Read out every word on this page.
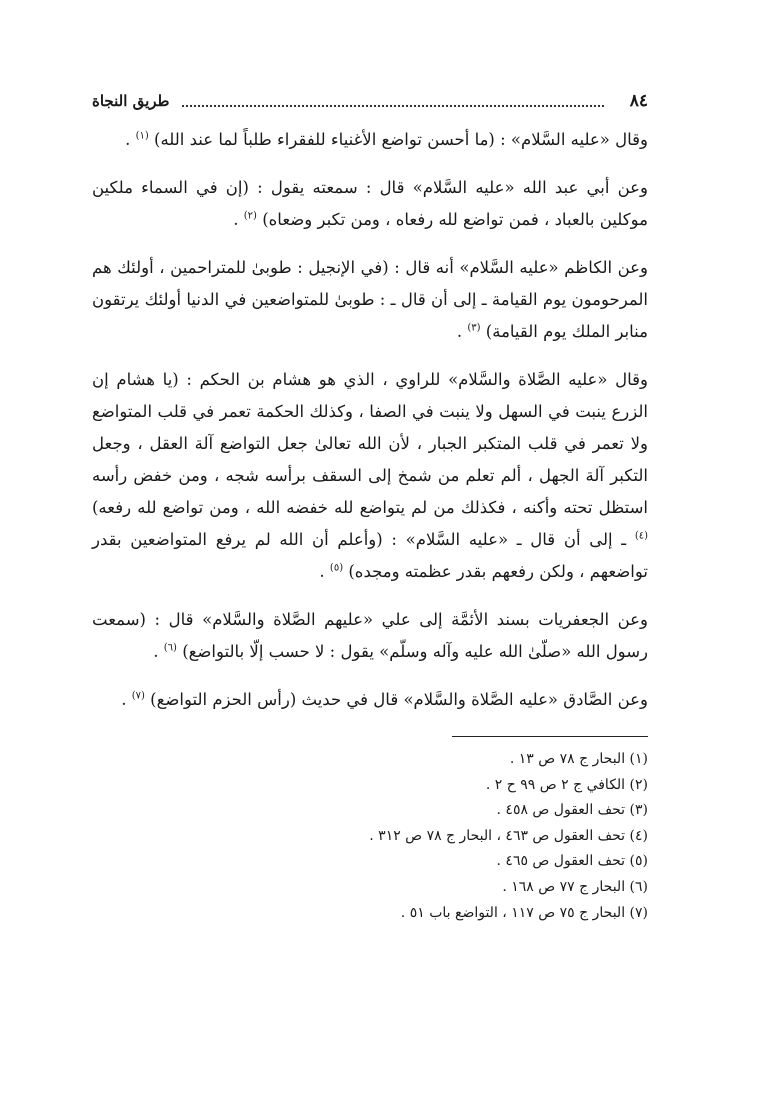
٨٤
طريق النجاة

وقال «عليه السَّلام» : (ما أحسن تواضع الأغنياء للفقراء طلباً لما عند الله) $^{(١)}$ .

وعن أبي عبد الله «عليه السَّلام» قال : سمعته يقول : (إن في السماء ملكين موكلين بالعباد ، فمن تواضع لله رفعاه ، ومن تكبر وضعاه) $^{(٢)}$ .

وعن الكاظم «عليه السَّلام» أنه قال : (في الإنجيل : طوبىٰ للمتراحمين ، أولئك هم المرحومون يوم القيامة ـ إلى أن قال ـ : طوبىٰ للمتواضعين في الدنيا أولئك يرتقون منابر الملك يوم القيامة) $^{(٣)}$ .

وقال «عليه الصَّلاة والسَّلام» للراوي ، الذي هو هشام بن الحكم : (يا هشام إن الزرع ينبت في السهل ولا ينبت في الصفا ، وكذلك الحكمة تعمر في قلب المتواضع ولا تعمر في قلب المتكبر الجبار ، لأن الله تعالىٰ جعل التواضع آلة العقل ، وجعل التكبر آلة الجهل ، ألم تعلم من شمخ إلى السقف برأسه شجه ، ومن خفض رأسه استظل تحته وأكنه ، فكذلك من لم يتواضع لله خفضه الله ، ومن تواضع لله رفعه) $^{(٤)}$ ـ إلى أن قال ـ «عليه السَّلام» : (وأعلم أن الله لم يرفع المتواضعين بقدر تواضعهم ، ولكن رفعهم بقدر عظمته ومجده) $^{(٥)}$ .

وعن الجعفريات بسند الأئمَّة إلى علي «عليهم الصَّلاة والسَّلام» قال : (سمعت رسول الله «صلّىٰ الله عليه وآله وسلّم» يقول : لا حسب إلّا بالتواضع) $^{(٦)}$ .

وعن الصَّادق «عليه الصَّلاة والسَّلام» قال في حديث (رأس الحزم التواضع) $^{(٧)}$ .

(١) البحار ج ٧٨ ص ١٣ .
(٢) الكافي ج ٢ ص ٩٩ ح ٢ .
(٣) تحف العقول ص ٤٥٨ .
(٤) تحف العقول ص ٤٦٣ ، البحار ج ٧٨ ص ٣١٢ .
(٥) تحف العقول ص ٤٦٥ .
(٦) البحار ج ٧٧ ص ١٦٨ .
(٧) البحار ج ٧٥ ص ١١٧ ، التواضع باب ٥١ .
